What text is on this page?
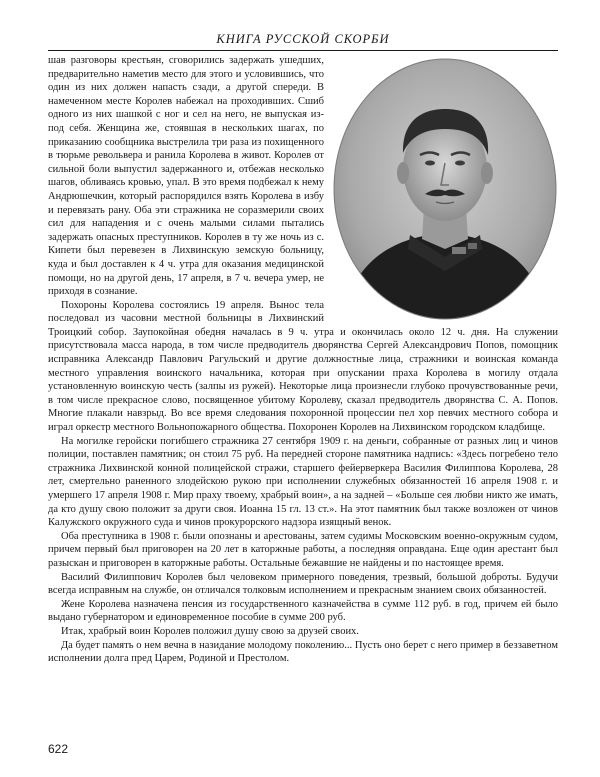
КНИГА РУССКОЙ СКОРБИ

шав разговоры крестьян, сговорились задержать ушедших, предварительно наметив место для этого и условившись, что один из них должен напасть сзади, а другой спереди. В намеченном месте Королев набежал на проходивших. Сшиб одного из них шашкой с ног и сел на него, не выпуская из-под себя. Женщина же, стоявшая в нескольких шагах, по приказанию сообщника выстрелила три раза из похищенного в тюрьме револьвера и ранила Королева в живот. Королев от сильной боли выпустил задержанного и, отбежав несколько шагов, обливаясь кровью, упал. В это время подбежал к нему Андрюшечкин, который распорядился взять Королева в избу и перевязать рану. Оба эти стражника не соразмерили своих сил для нападения и с очень малыми силами пытались задержать опасных преступников. Королев в ту же ночь из с. Кипети был перевезен в Лихвинскую земскую больницу, куда и был доставлен к 4 ч. утра для оказания медицинской помощи, но на другой день, 17 апреля, в 7 ч. вечера умер, не приходя в сознание.

Похороны Королева состоялись 19 апреля. Вынос тела последовал из часовни местной больницы в Лихвинский Троицкий собор. Заупокойная обедня началась в 9 ч. утра и окончилась около 12 ч. дня. На служении присутствовала масса народа, в том числе предводитель дворянства Сергей Александрович Попов, помощник исправника Александр Павлович Рагульский и другие должностные лица, стражники и воинская команда местного управления воинского начальника, которая при опускании праха Королева в могилу отдала установленную воинскую честь (залпы из ружей). Некоторые лица произнесли глубоко прочувствованные речи, в том числе прекрасное слово, посвященное убитому Королеву, сказал предводитель дворянства С. А. Попов. Многие плакали навзрыд. Во все время следования похоронной процессии пел хор певчих местного собора и играл оркестр местного Вольнопожарного общества. Похоронен Королев на Лихвинском городском кладбище.

На могилке геройски погибшего стражника 27 сентября 1909 г. на деньги, собранные от разных лиц и чинов полиции, поставлен памятник; он стоил 75 руб. На передней стороне памятника надпись: «Здесь погребено тело стражника Лихвинской конной полицейской стражи, старшего фейерверкера Василия Филиппова Королева, 28 лет, смертельно раненного злодейскою рукою при исполнении служебных обязанностей 16 апреля 1908 г. и умершего 17 апреля 1908 г. Мир праху твоему, храбрый воин», а на задней – «Больше сея любви никто же имать, да кто душу свою положит за други своя. Иоанна 15 гл. 13 ст.». На этот памятник был также возложен от чинов Калужского окружного суда и чинов прокурорского надзора изящный венок.

Оба преступника в 1908 г. были опознаны и арестованы, затем судимы Московским военно-окружным судом, причем первый был приговорен на 20 лет в каторжные работы, а последняя оправдана. Еще один арестант был разыскан и приговорен в каторжные работы. Остальные бежавшие не найдены и по настоящее время.

Василий Филиппович Королев был человеком примерного поведения, трезвый, большой доброты. Будучи всегда исправным на службе, он отличался толковым исполнением и прекрасным знанием своих обязанностей.

Жене Королева назначена пенсия из государственного казначейства в сумме 112 руб. в год, причем ей было выдано губернатором и единовременное пособие в сумме 200 руб.

Итак, храбрый воин Королев положил душу свою за друзей своих.

Да будет память о нем вечна в назидание молодому поколению... Пусть оно берет с него пример в беззаветном исполнении долга пред Царем, Родиной и Престолом.

622
